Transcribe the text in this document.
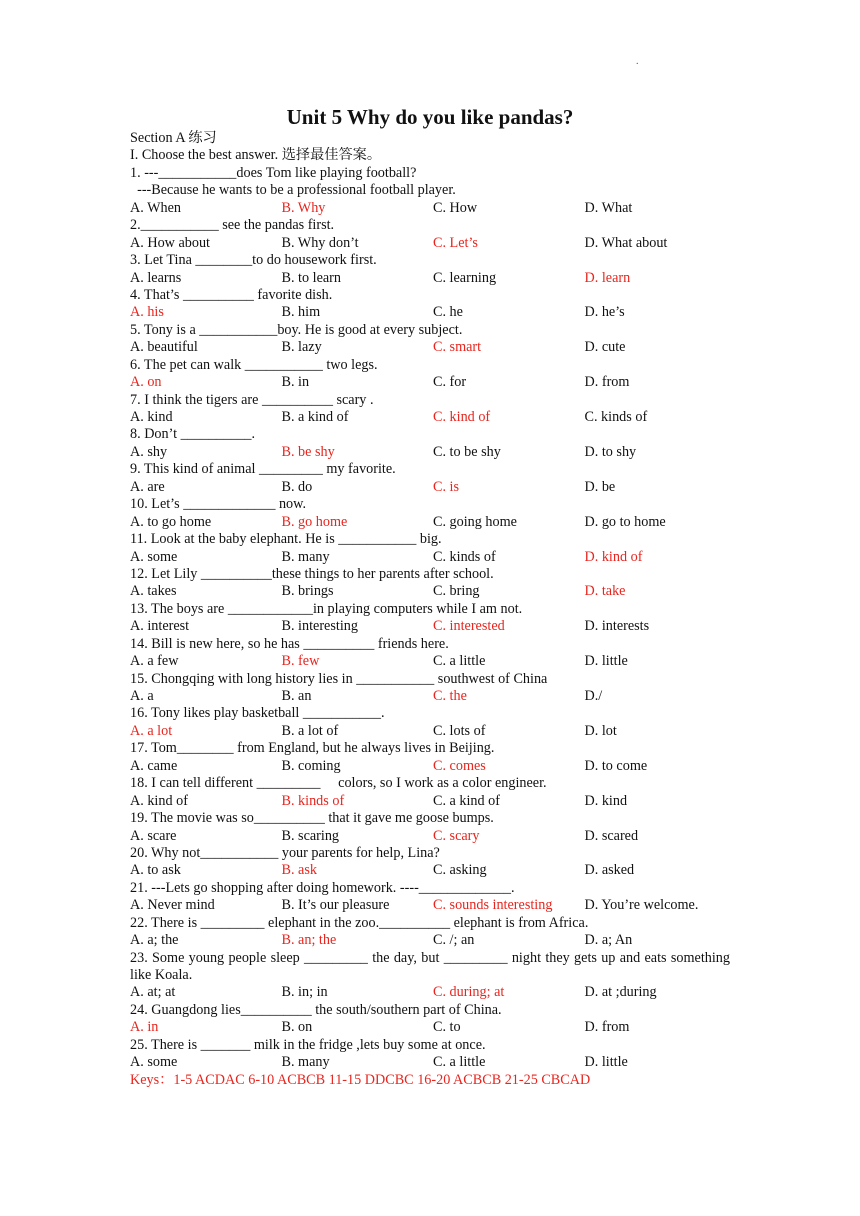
.
Unit 5 Why do you like pandas?
Section A 练习
I. Choose the best answer. 选择最佳答案。
1. ---___________does Tom like playing football?
---Because he wants to be a professional football player.
A. When	B. Why	C. How	D. What
2.___________ see the pandas first.
A. How about	B. Why don’t	C. Let’s	D. What about
3. Let Tina ________to do housework first.
A. learns	B. to learn	C. learning	D. learn
4. That’s __________ favorite dish.
A. his	B. him	C. he	D. he’s
5. Tony is a ___________boy. He is good at every subject.
A. beautiful	B. lazy	C. smart	D. cute
6. The pet can walk ___________ two legs.
A. on	B. in	C. for	D. from
7. I think the tigers are __________ scary .
A. kind	B. a kind of	C. kind of	C. kinds of
8. Don’t __________.
A. shy	B. be shy	C. to be shy	D. to shy
9. This kind of animal _________ my favorite.
A. are	B. do	C. is	D. be
10. Let’s _____________ now.
A. to go home	B. go home	C. going home	D. go to home
11. Look at the baby elephant. He is ___________ big.
A. some	B. many	C. kinds of	D. kind of
12. Let Lily __________these things to her parents after school.
A. takes	B. brings	C. bring	D. take
13. The boys are ____________in playing computers while I am not.
A. interest	B. interesting	C. interested	D. interests
14. Bill is new here, so he has __________ friends here.
A. a few	B. few	C. a little	D. little
15. Chongqing with long history lies in ___________ southwest of China
A. a	B. an	C. the	D./
16. Tony likes play basketball ___________.
A. a lot	B. a lot of	C. lots of	D. lot
17. Tom________ from England, but he always lives in Beijing.
A. came	B. coming	C. comes	D. to come
18. I can tell different _________     colors, so I work as a color engineer.
A. kind of	B. kinds of	C. a kind of	D. kind
19. The movie was so__________ that it gave me goose bumps.
A. scare	B. scaring	C. scary	D. scared
20. Why not___________ your parents for help, Lina?
A. to ask	B. ask	C. asking	D. asked
21. ---Lets go shopping after doing homework. ----_____________.
A. Never mind	B. It’s our pleasure	C. sounds interesting	D. You’re welcome.
22. There is _________ elephant in the zoo.__________ elephant is from Africa.
A. a; the	B. an; the	C. /; an	D. a; An
23. Some young people sleep _________ the day, but _________ night they gets up and eats something like Koala.
A. at; at	B. in; in	C. during; at	D. at ;during
24. Guangdong lies__________ the south/southern part of China.
A. in	B. on	C. to	D. from
25. There is _______ milk in the fridge ,lets buy some at once.
A. some	B. many	C. a little	D. little
Keys：1-5 ACDAC 6-10 ACBCB 11-15 DDCBC 16-20 ACBCB 21-25 CBCAD
